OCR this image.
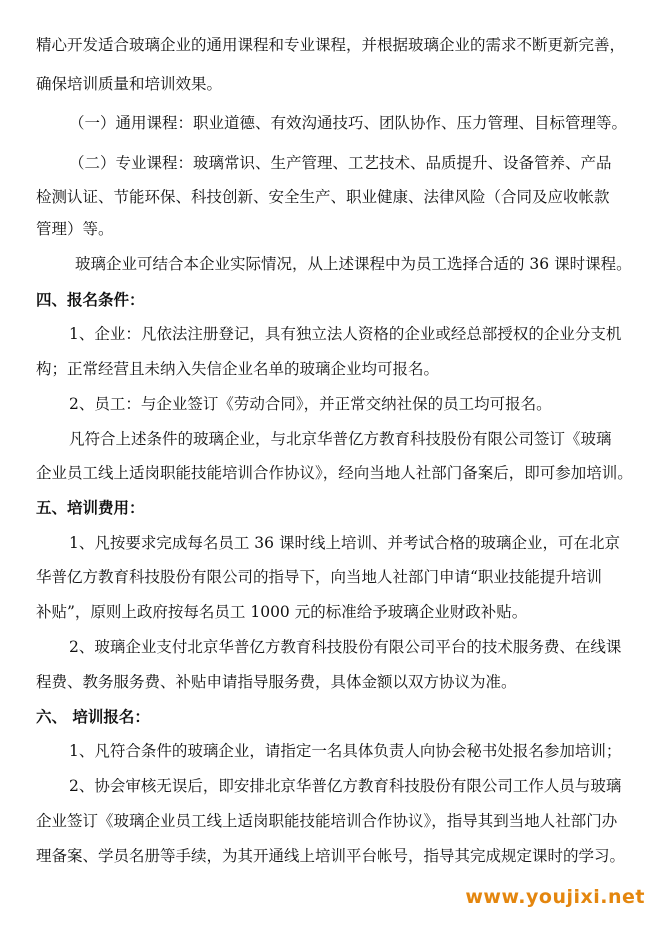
精心开发适合玻璃企业的通用课程和专业课程，并根据玻璃企业的需求不断更新完善，
确保培训质量和培训效果。
（一）通用课程：职业道德、有效沟通技巧、团队协作、压力管理、目标管理等。
（二）专业课程：玻璃常识、生产管理、工艺技术、品质提升、设备管养、产品
检测认证、节能环保、科技创新、安全生产、职业健康、法律风险（合同及应收帐款
管理）等。
玻璃企业可结合本企业实际情况，从上述课程中为员工选择合适的 36 课时课程。
四、报名条件：
1、企业：凡依法注册登记，具有独立法人资格的企业或经总部授权的企业分支机
构；正常经营且未纳入失信企业名单的玻璃企业均可报名。
2、员工：与企业签订《劳动合同》，并正常交纳社保的员工均可报名。
凡符合上述条件的玻璃企业，与北京华普亿方教育科技股份有限公司签订《玻璃
企业员工线上适岗职能技能培训合作协议》，经向当地人社部门备案后，即可参加培训。
五、培训费用：
1、凡按要求完成每名员工 36 课时线上培训、并考试合格的玻璃企业，可在北京
华普亿方教育科技股份有限公司的指导下，向当地人社部门申请“职业技能提升培训
补贴”，原则上政府按每名员工 1000 元的标准给予玻璃企业财政补贴。
2、玻璃企业支付北京华普亿方教育科技股份有限公司平台的技术服务费、在线课
程费、教务服务费、补贴申请指导服务费，具体金额以双方协议为准。
六、 培训报名：
1、凡符合条件的玻璃企业，请指定一名具体负责人向协会秘书处报名参加培训；
2、协会审核无误后，即安排北京华普亿方教育科技股份有限公司工作人员与玻璃
企业签订《玻璃企业员工线上适岗职能技能培训合作协议》，指导其到当地人社部门办
理备案、学员名册等手续，为其开通线上培训平台帐号，指导其完成规定课时的学习。
www.youjixi.net
